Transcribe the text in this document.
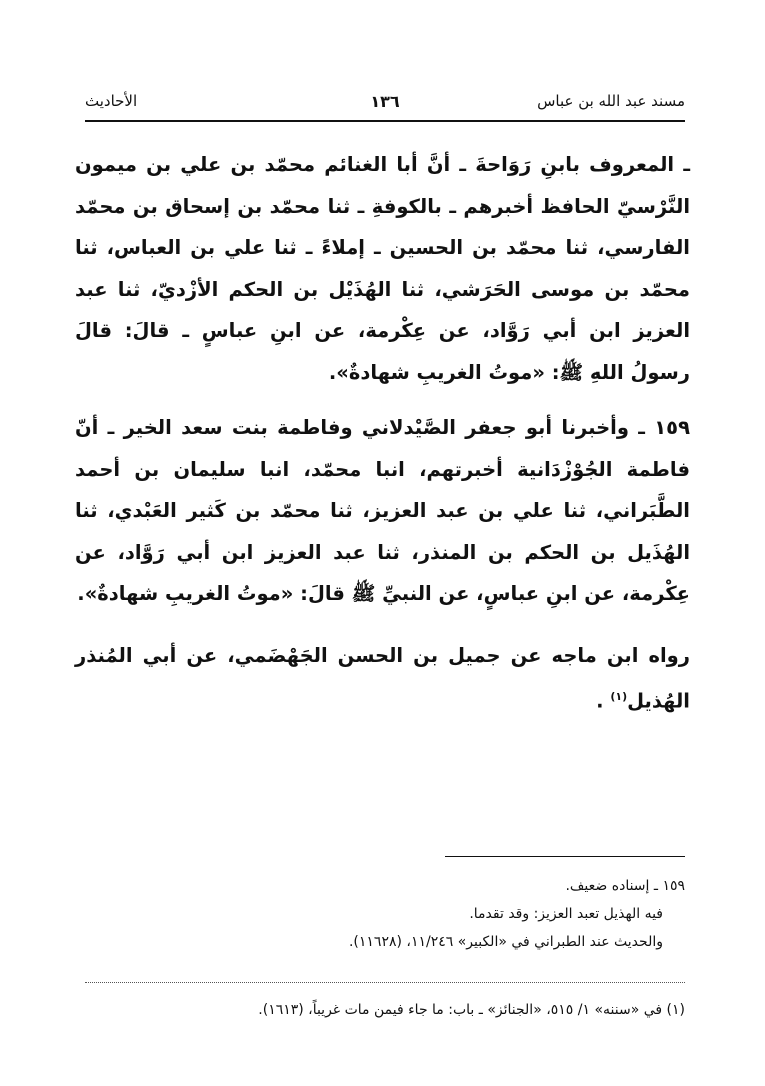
مسند عبد الله بن عباس
١٣٦
الأحاديث

ـ المعروف بابنِ رَوَاحةَ ـ أنَّ أبا الغنائم محمّد بن علي بن ميمون النَّرْسيّ الحافظ أخبرهم ـ بالكوفةِ ـ ثنا محمّد بن إسحاق بن محمّد الفارسي، ثنا محمّد بن الحسين ـ إملاءً ـ ثنا علي بن العباس، ثنا محمّد بن موسى الحَرَشي، ثنا الهُذَيْل بن الحكم الأزْديّ، ثنا عبد العزيز ابن أبي رَوَّاد، عن عِكْرمة، عن ابنِ عباسٍ ـ قالَ: قالَ رسولُ اللهِ ﷺ: «موتُ الغريبِ شهادةٌ».

١٥٩ ـ وأخبرنا أبو جعفر الصَّيْدلاني وفاطمة بنت سعد الخير ـ أنّ فاطمة الجُوْزْدَانية أخبرتهم، انبا محمّد، انبا سليمان بن أحمد الطَّبَراني، ثنا علي بن عبد العزيز، ثنا محمّد بن كَثير العَبْدي، ثنا الهُذَيل بن الحكم بن المنذر، ثنا عبد العزيز ابن أبي رَوَّاد، عن عِكْرمة، عن ابنِ عباسٍ، عن النبيِّ ﷺ قالَ: «موتُ الغريبِ شهادةٌ».

رواه ابن ماجه عن جميل بن الحسن الجَهْضَمي، عن أبي المُنذر الهُذيل$^{(١)}$ .

١٥٩ ـ إسناده ضعيف.

فيه الهذيل تعبد العزيز: وقد تقدما.

والحديث عند الطبراني في «الكبير» ١١/٢٤٦، (١١٦٢٨).

(١) في «سننه» ١/ ٥١٥، «الجنائز» ـ باب: ما جاء فيمن مات غريباً، (١٦١٣).
